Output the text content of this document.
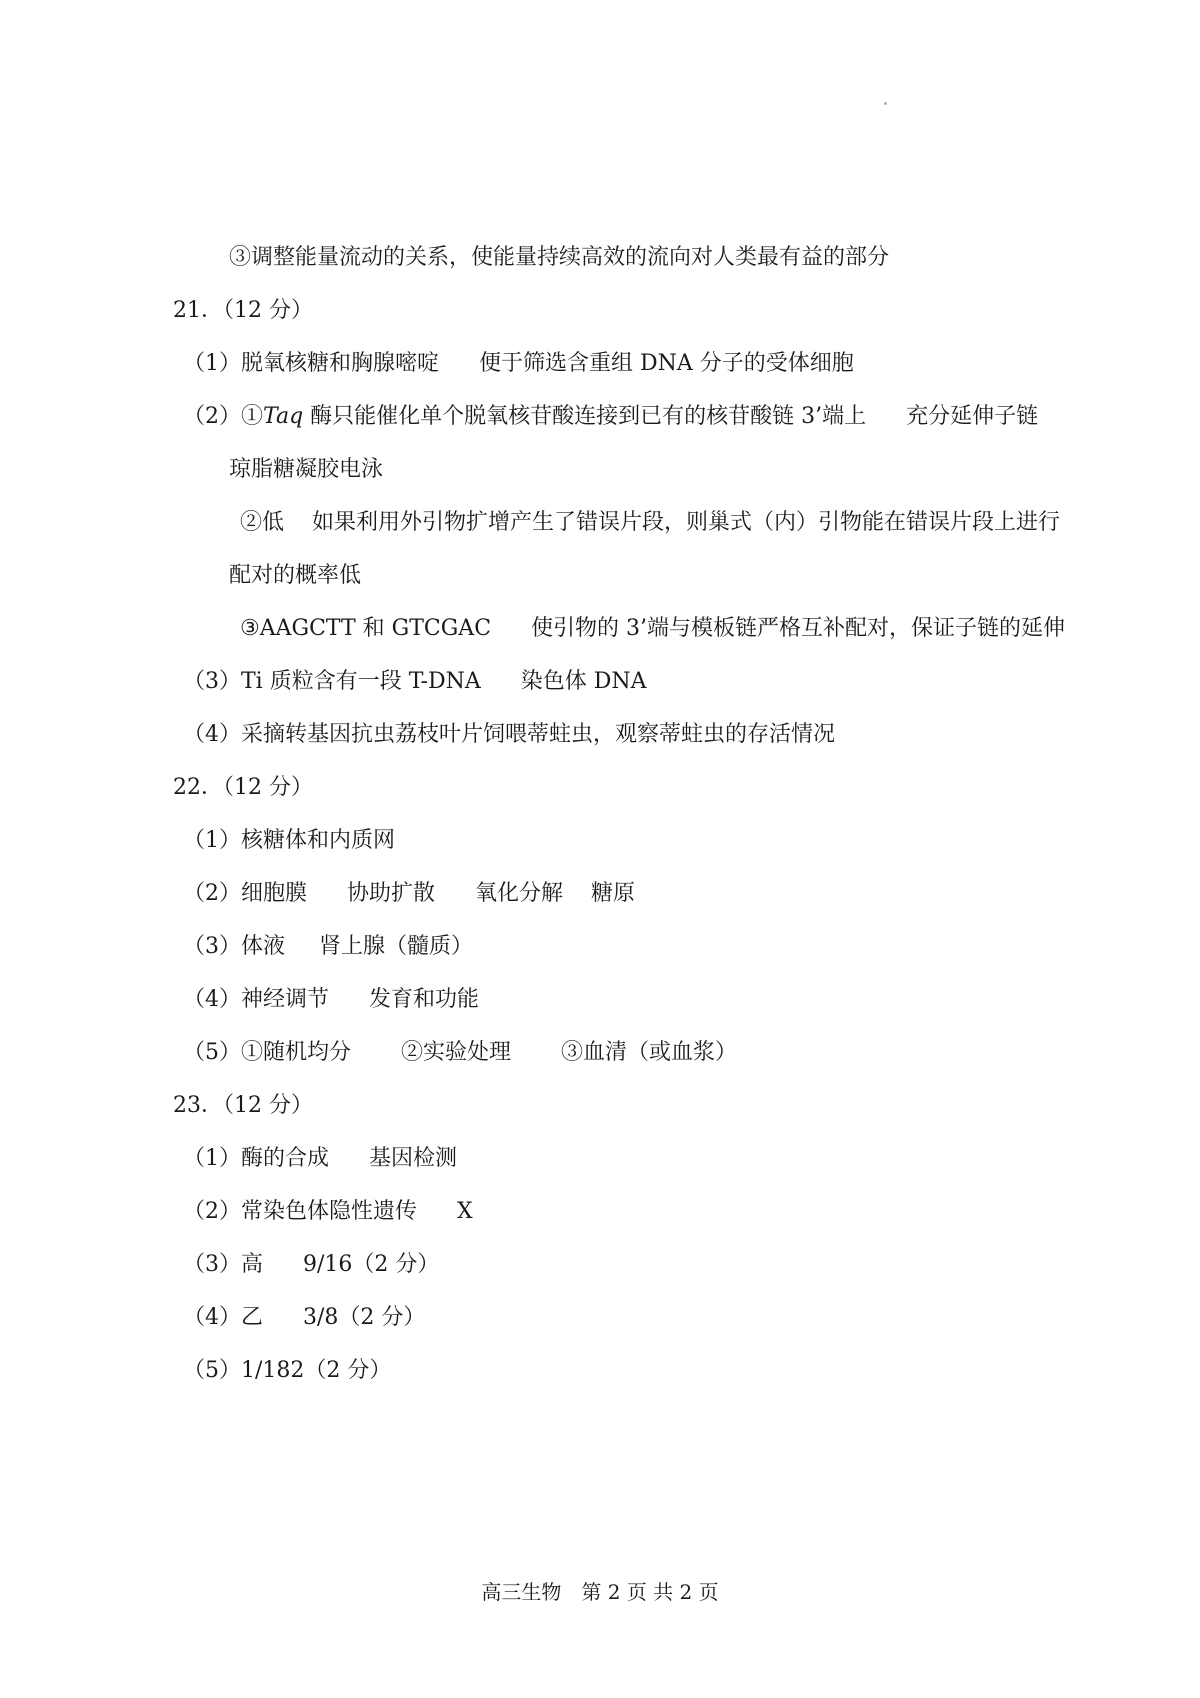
③调整能量流动的关系，使能量持续高效的流向对人类最有益的部分
21．（12 分）
（1）脱氧核糖和胸腺嘧啶 便于筛选含重组 DNA 分子的受体细胞
（2）①Taq 酶只能催化单个脱氧核苷酸连接到已有的核苷酸链 3’端上 充分延伸子链
琼脂糖凝胶电泳
②低 如果利用外引物扩增产生了错误片段，则巢式（内）引物能在错误片段上进行
配对的概率低
③AAGCTT 和 GTCGAC 使引物的 3’端与模板链严格互补配对，保证子链的延伸
（3）Ti 质粒含有一段 T-DNA 染色体 DNA
（4）采摘转基因抗虫荔枝叶片饲喂蒂蛀虫，观察蒂蛀虫的存活情况
22．（12 分）
（1）核糖体和内质网
（2）细胞膜 协助扩散 氧化分解 糖原
（3）体液 肾上腺（髓质）
（4）神经调节 发育和功能
（5）①随机均分 ②实验处理 ③血清（或血浆）
23．（12 分）
（1）酶的合成 基因检测
（2）常染色体隐性遗传 X
（3）高 9/16（2 分）
（4）乙 3/8（2 分）
（5）1/182（2 分）
高三生物　第 2 页 共 2 页
